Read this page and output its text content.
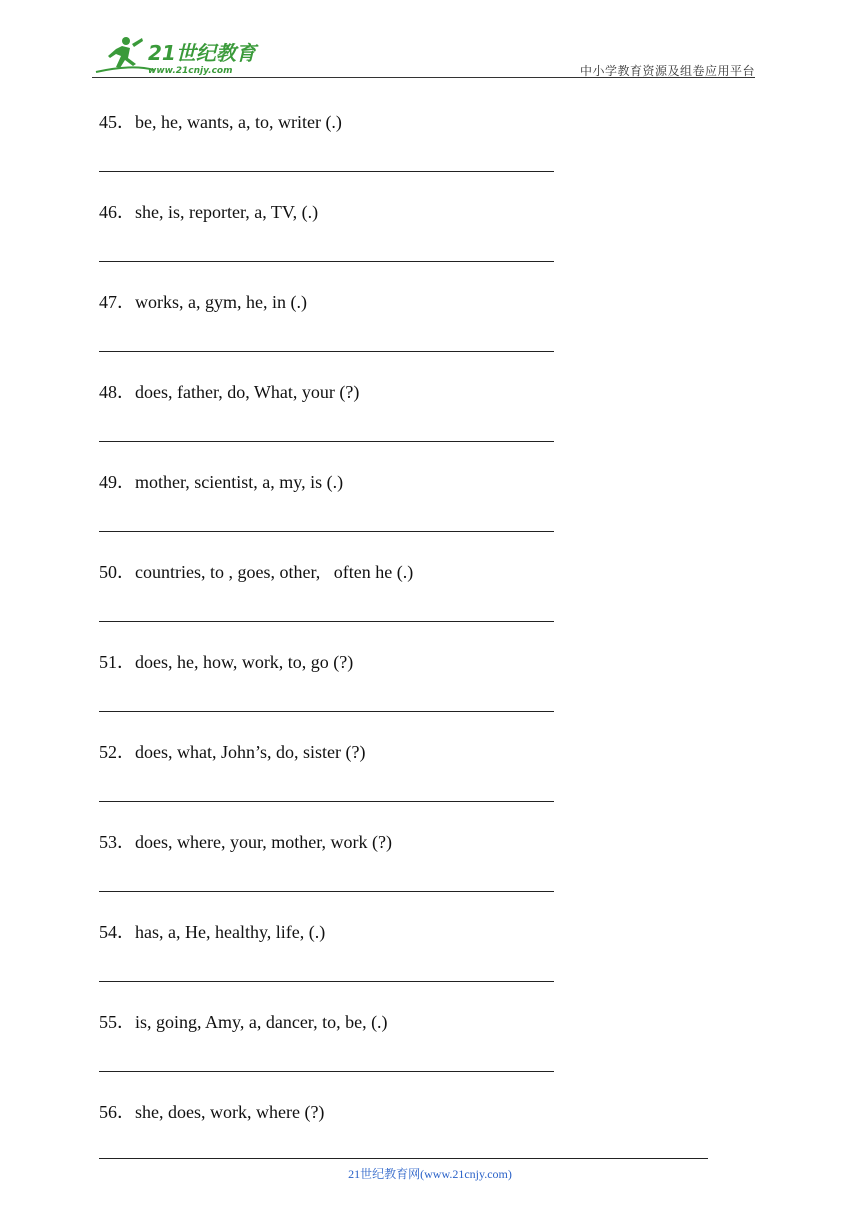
21世纪教育
www.21cnjy.com	中小学教育资源及组卷应用平台
45．be, he, wants, a, to, writer (.)
46．she, is, reporter, a, TV, (.)
47．works, a, gym, he, in (.)
48．does, father, do, What, your (?)
49．mother, scientist, a, my, is (.)
50．countries, to , goes, other,   often he (.)
51．does, he, how, work, to, go (?)
52．does, what, John’s, do, sister (?)
53．does, where, your, mother, work (?)
54．has, a, He, healthy, life, (.)
55．is, going, Amy, a, dancer, to, be, (.)
56．she, does, work, where (?)
21世纪教育网(www.21cnjy.com)
